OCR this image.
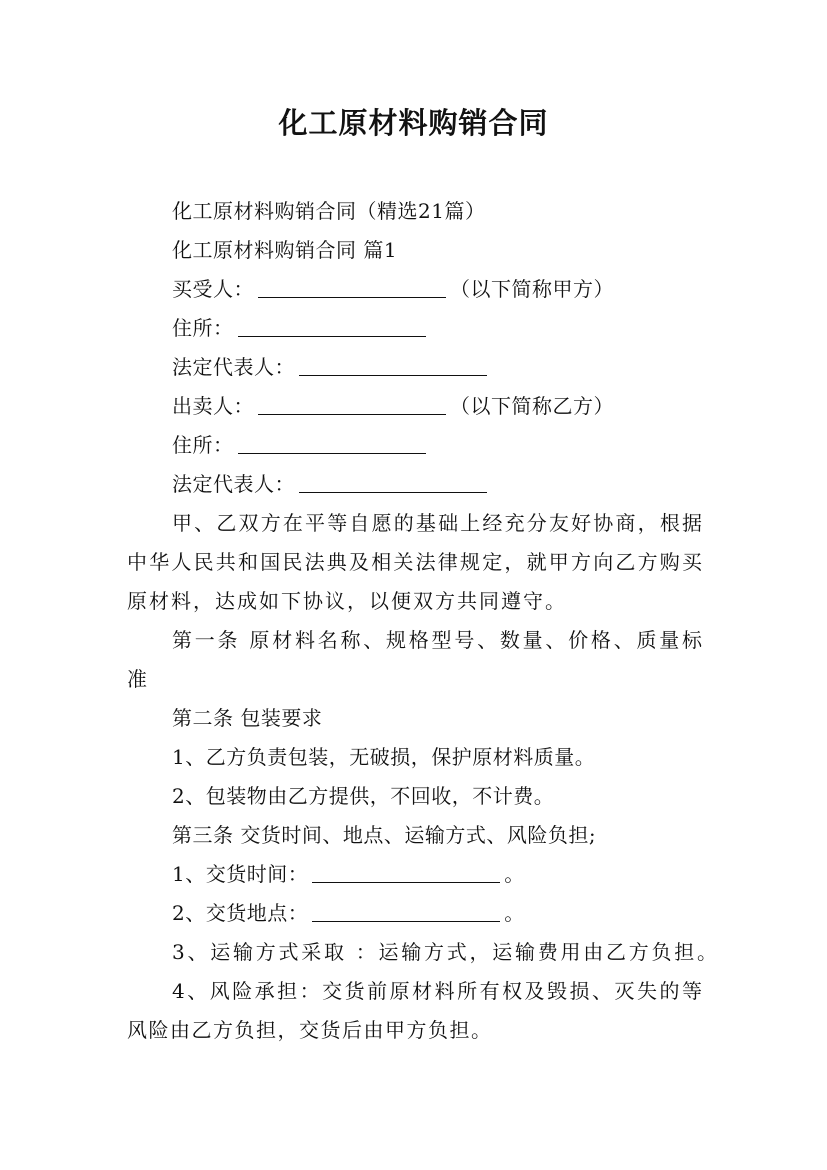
化工原材料购销合同
化工原材料购销合同（精选21篇）
化工原材料购销合同 篇1
买受人：	（以下简称甲方）
住所：
法定代表人：
出卖人：	（以下简称乙方）
住所：
法定代表人：
甲、乙双方在平等自愿的基础上经充分友好协商，根据
中华人民共和国民法典及相关法律规定，就甲方向乙方购买
原材料，达成如下协议，以便双方共同遵守。
第一条 原材料名称、规格型号、数量、价格、质量标
准
第二条 包装要求
1、乙方负责包装，无破损，保护原材料质量。
2、包装物由乙方提供，不回收，不计费。
第三条 交货时间、地点、运输方式、风险负担;
1、交货时间：	。
2、交货地点：	。
3、运输方式采取 ：运输方式，运输费用由乙方负担。
4、风险承担：交货前原材料所有权及毁损、灭失的等
风险由乙方负担，交货后由甲方负担。
